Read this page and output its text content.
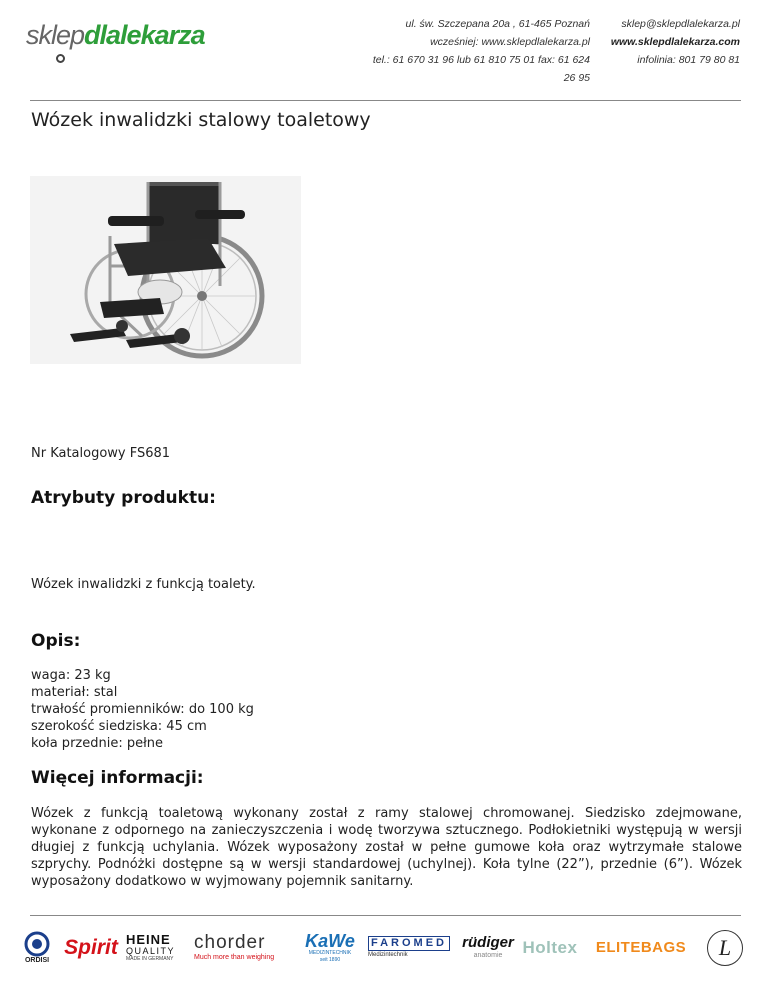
sklepdlalekarza	ul. św. Szczepana 20a , 61-465 Poznań
wcześniej: www.sklepdlalekarza.pl
tel.: 61 670 31 96 lub 61 810 75 01 fax: 61 624 26 95
sklep@sklepdlalekarza.pl
www.sklepdlalekarza.com
infolinia: 801 79 80 81
Wózek inwalidzki stalowy toaletowy
Nr Katalogowy FS681
Atrybuty produktu:
Wózek inwalidzki z funkcją toalety.
Opis:
waga: 23 kg
materiał: stal
trwałość promienników: do 100 kg
szerokość siedziska: 45 cm
koła przednie: pełne
Więcej informacji:
Wózek z funkcją toaletową wykonany został z ramy stalowej chromowanej. Siedzisko zdejmowane, wykonane z odpornego na zanieczyszczenia i wodę tworzywa sztucznego. Podłokietniki występują w wersji długiej z funkcją uchylania. Wózek wyposażony został w pełne gumowe koła oraz wytrzymałe stalowe szprychy. Podnóżki dostępne są w wersji standardowej (uchylnej). Koła tylne (22”), przednie (6”). Wózek wyposażony dodatkowo w wyjmowany pojemnik sanitarny.
ORDISI
Spirit HEINE
QUALITY
MADE IN GERMANY
chorder
Much more than weighing
KaWe
MEDIZINTECHNIK
seit 1890
FAROMED
Medizintechnik
rüdiger
anatomie Holtex ELITEBAGS L
